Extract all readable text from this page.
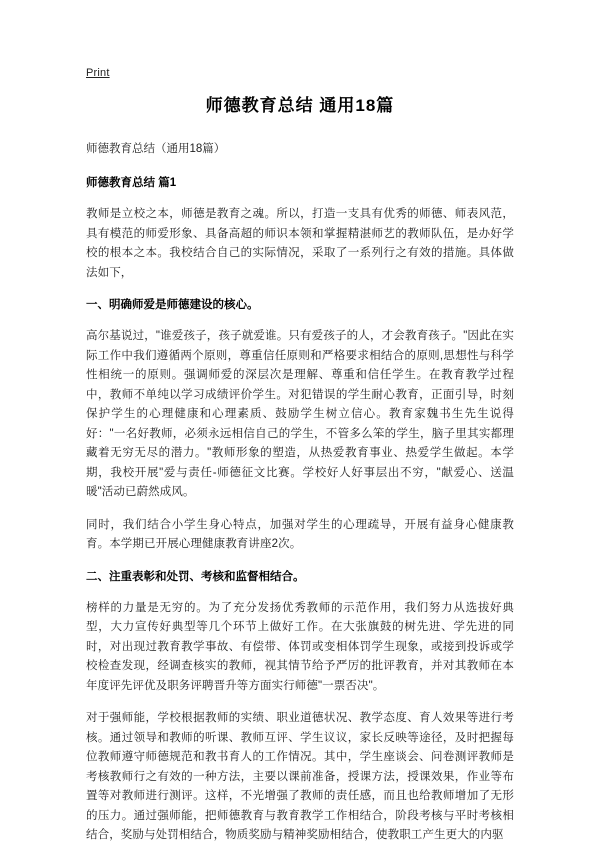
Print
师德教育总结 通用18篇
师德教育总结（通用18篇）
师德教育总结 篇1

教师是立校之本，师德是教育之魂。所以，打造一支具有优秀的师德、师表风范，具有模范的师爱形象、具备高超的师识本领和掌握精湛师艺的教师队伍，是办好学校的根本之本。我校结合自己的实际情况，采取了一系列行之有效的措施。具体做法如下，

一、明确师爱是师德建设的核心。

高尔基说过，"谁爱孩子，孩子就爱谁。只有爱孩子的人，才会教育孩子。"因此在实际工作中我们遵循两个原则，尊重信任原则和严格要求相结合的原则,思想性与科学性相统一的原则。强调师爱的深层次是理解、尊重和信任学生。在教育教学过程中，教师不单纯以学习成绩评价学生。对犯错误的学生耐心教育，正面引导，时刻保护学生的心理健康和心理素质、鼓励学生树立信心。教育家魏书生先生说得好："一名好教师，必须永远相信自己的学生，不管多么笨的学生，脑子里其实都理藏着无穷无尽的潜力。"教师形象的塑造，从热爱教育事业、热爱学生做起。本学期，我校开展"爱与责任-师德征文比赛。学校好人好事层出不穷，"献爱心、送温暖"活动已蔚然成风。

同时，我们结合小学生身心特点，加强对学生的心理疏导，开展有益身心健康教育。本学期已开展心理健康教育讲座2次。

二、注重表彰和处罚、考核和监督相结合。

榜样的力量是无穷的。为了充分发扬优秀教师的示范作用，我们努力从选拔好典型，大力宣传好典型等几个环节上做好工作。在大张旗鼓的树先进、学先进的同时，对出现过教育教学事故、有偿带、体罚或变相体罚学生现象，或接到投诉或学校检查发现，经调查核实的教师，视其情节给予严厉的批评教育，并对其教师在本年度评先评优及职务评聘晋升等方面实行师德"一票否决"。

对于强师能，学校根据教师的实绩、职业道德状况、教学态度、育人效果等进行考核。通过领导和教师的听课、教师互评、学生议议，家长反映等途径，及时把握每位教师遵守师德规范和教书育人的工作情况。其中，学生座谈会、问卷测评教师是考核教师行之有效的一种方法，主要以课前准备，授课方法，授课效果，作业等布置等对教师进行测评。这样，不光增强了教师的责任感，而且也给教师增加了无形的压力。通过强师能，把师德教育与教育教学工作相结合，阶段考核与平时考核相结合，奖励与处罚相结合，物质奖励与精神奖励相结合，使教职工产生更大的内驱
